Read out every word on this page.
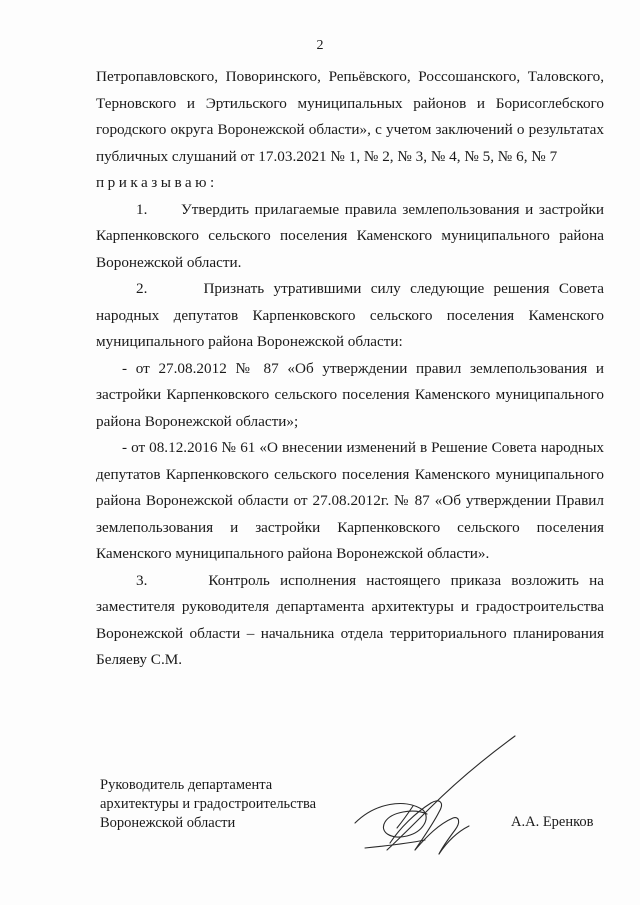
2

Петропавловского, Поворинского, Репьёвского, Россошанского, Таловского, Терновского и Эртильского муниципальных районов и Борисоглебского городского округа Воронежской области», с учетом заключений о результатах публичных слушаний от 17.03.2021 № 1, № 2, № 3, № 4, № 5, № 6, № 7

приказываю:

1.      Утвердить прилагаемые правила землепользования и застройки Карпенковского сельского поселения Каменского муниципального района Воронежской области.

2.      Признать утратившими силу следующие решения Совета народных депутатов Карпенковского сельского поселения Каменского муниципального района Воронежской области:

- от 27.08.2012 № 87 «Об утверждении правил землепользования и застройки Карпенковского сельского поселения Каменского муниципального района Воронежской области»;

- от 08.12.2016 № 61 «О внесении изменений в Решение Совета народных депутатов Карпенковского сельского поселения Каменского муниципального района Воронежской области от 27.08.2012г. № 87 «Об утверждении Правил землепользования и застройки Карпенковского сельского поселения Каменского муниципального района Воронежской области».

3.      Контроль исполнения настоящего приказа возложить на заместителя руководителя департамента архитектуры и градостроительства Воронежской области – начальника отдела территориального планирования Беляеву С.М.

Руководитель департамента
архитектуры и градостроительства
Воронежской области	А.А. Еренков
